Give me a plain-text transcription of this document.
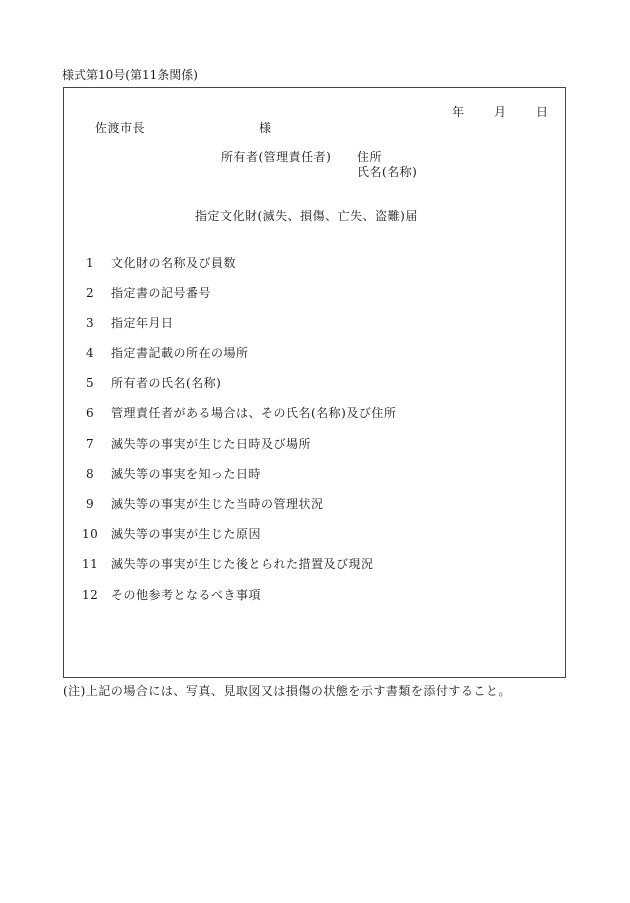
様式第10号(第11条関係)
年 月 日
佐渡市長	様
所有者(管理責任者) 住所
氏名(名称)
指定文化財(滅失、損傷、亡失、盗難)届
1 文化財の名称及び員数
2 指定書の記号番号
3 指定年月日
4 指定書記載の所在の場所
5 所有者の氏名(名称)
6 管理責任者がある場合は、その氏名(名称)及び住所
7 滅失等の事実が生じた日時及び場所
8 滅失等の事実を知った日時
9 滅失等の事実が生じた当時の管理状況
10 滅失等の事実が生じた原因
11 滅失等の事実が生じた後とられた措置及び現況
12 その他参考となるべき事項
(注)上記の場合には、写真、見取図又は損傷の状態を示す書類を添付すること。
